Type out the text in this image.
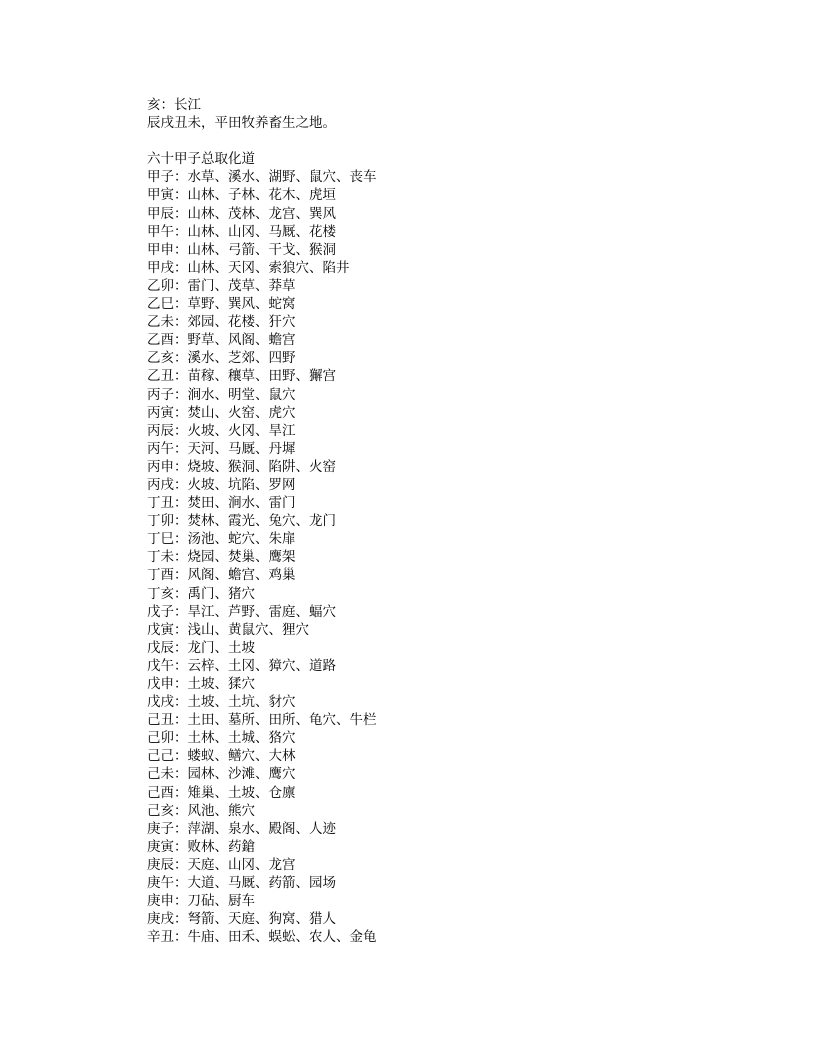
亥：长江
辰戌丑未，平田牧养畜生之地。
六十甲子总取化道
甲子：水草、溪水、湖野、鼠穴、丧车
甲寅：山林、子林、花木、虎垣
甲辰：山林、茂林、龙宫、巽风
甲午：山林、山冈、马厩、花楼
甲申：山林、弓箭、干戈、猴洞
甲戌：山林、天冈、索狼穴、陷井
乙卯：雷门、茂草、莽草
乙巳：草野、巽风、蛇窝
乙未：郊园、花楼、犴穴
乙酉：野草、风阁、蟾宫
乙亥：溪水、芝郊、四野
乙丑：苗稼、穰草、田野、獬宫
丙子：涧水、明堂、鼠穴
丙寅：焚山、火窑、虎穴
丙辰：火坡、火冈、旱江
丙午：天河、马厩、丹墀
丙申：烧坡、猴洞、陷阱、火窑
丙戌：火坡、坑陷、罗网
丁丑：焚田、涧水、雷门
丁卯：焚林、霞光、兔穴、龙门
丁巳：汤池、蛇穴、朱扉
丁未：烧园、焚巢、鹰架
丁酉：风阁、蟾宫、鸡巢
丁亥：禹门、猪穴
戊子：旱江、芦野、雷庭、蝠穴
戊寅：浅山、黄鼠穴、狸穴
戊辰：龙门、土坡
戊午：云梓、土冈、獐穴、道路
戊申：土坡、猱穴
戊戌：土坡、土坑、豺穴
己丑：土田、墓所、田所、龟穴、牛栏
己卯：土林、土城、狢穴
己己：蝼蚁、鳝穴、大林
己未：园林、沙滩、鹰穴
己酉：雉巢、土坡、仓廪
己亥：风池、熊穴
庚子：萍湖、泉水、殿阁、人迹
庚寅：败林、药鎗
庚辰：天庭、山冈、龙宫
庚午：大道、马厩、药箭、园场
庚申：刀砧、厨车
庚戌：弩箭、天庭、狗窝、猎人
辛丑：牛庙、田禾、蜈蚣、农人、金龟
